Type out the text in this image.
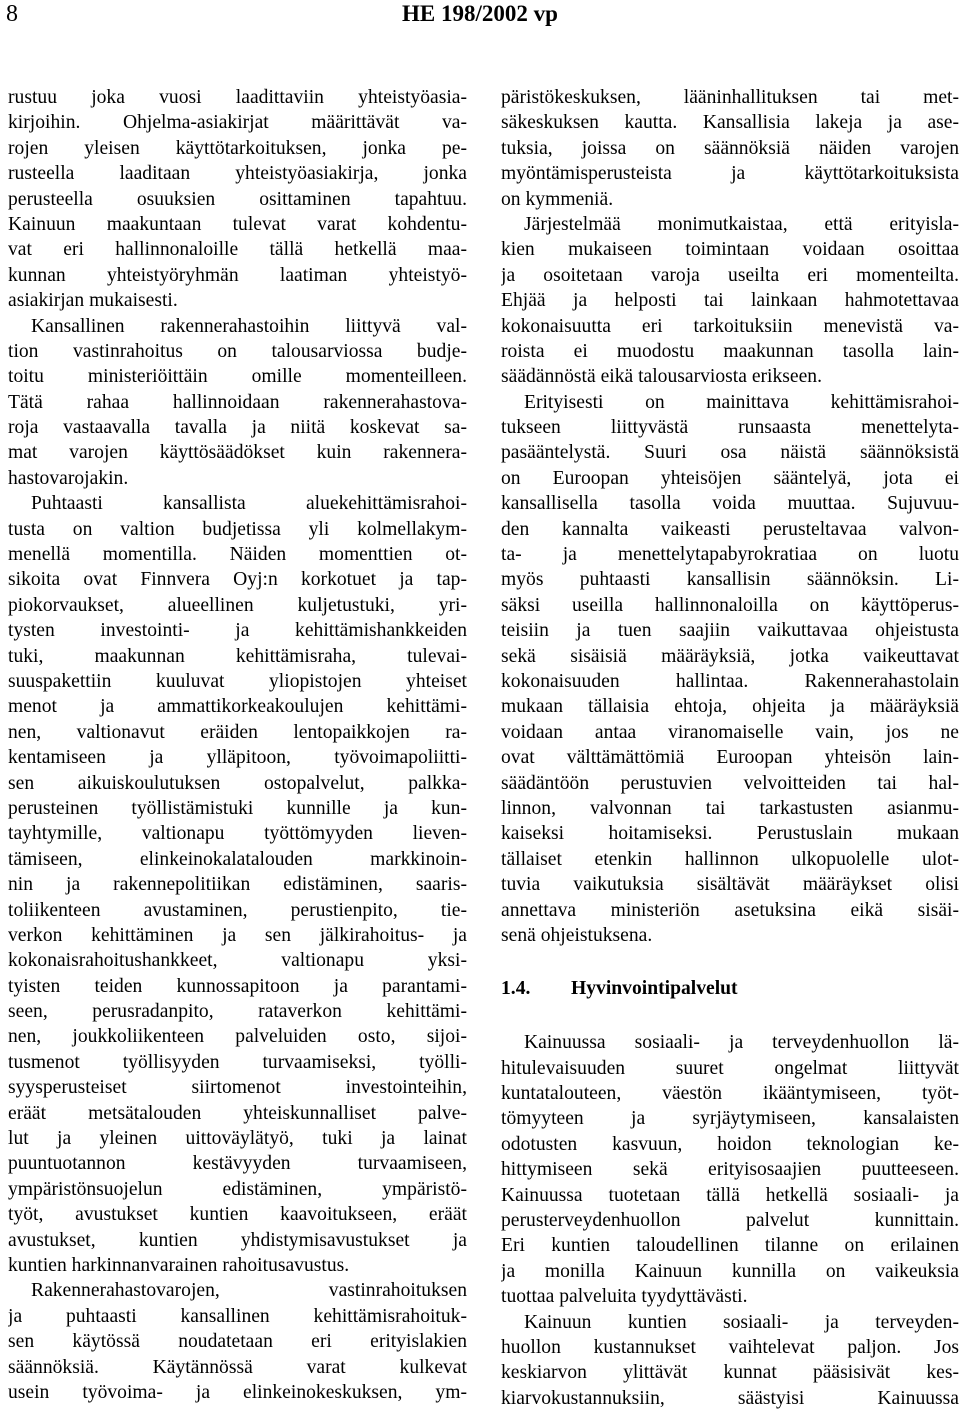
8	HE 198/2002 vp
rustuu joka vuosi laadittaviin yhteistyöasia-
kirjoihin. Ohjelma-asiakirjat määrittävät va-
rojen yleisen käyttötarkoituksen, jonka pe-
rusteella laaditaan yhteistyöasiakirja, jonka
perusteella osuuksien osittaminen tapahtuu.
Kainuun maakuntaan tulevat varat kohdentu-
vat eri hallinnonaloille tällä hetkellä maa-
kunnan yhteistyöryhmän laatiman yhteistyö-
asiakirjan mukaisesti.
Kansallinen rakennerahastoihin liittyvä val-
tion vastinrahoitus on talousarviossa budje-
toitu ministeriöittäin omille momenteilleen.
Tätä rahaa hallinnoidaan rakennerahastova-
roja vastaavalla tavalla ja niitä koskevat sa-
mat varojen käyttösäädökset kuin rakennera-
hastovarojakin.
Puhtaasti kansallista aluekehittämisrahoi-
tusta on valtion budjetissa yli kolmellakym-
menellä momentilla. Näiden momenttien ot-
sikoita ovat Finnvera Oyj:n korkotuet ja tap-
piokorvaukset, alueellinen kuljetustuki, yri-
tysten investointi- ja kehittämishankkeiden
tuki, maakunnan kehittämisraha, tulevai-
suuspakettiin kuuluvat yliopistojen yhteiset
menot ja ammattikorkeakoulujen kehittämi-
nen, valtionavut eräiden lentopaikkojen ra-
kentamiseen ja ylläpitoon, työvoimapoliitti-
sen aikuiskoulutuksen ostopalvelut, palkka-
perusteinen työllistämistuki kunnille ja kun-
tayhtymille, valtionapu työttömyyden lieven-
tämiseen, elinkeinokalatalouden markkinoin-
nin ja rakennepolitiikan edistäminen, saaris-
toliikenteen avustaminen, perustienpito, tie-
verkon kehittäminen ja sen jälkirahoitus- ja
kokonaisrahoitushankkeet, valtionapu yksi-
tyisten teiden kunnossapitoon ja parantami-
seen, perusradanpito, rataverkon kehittämi-
nen, joukkoliikenteen palveluiden osto, sijoi-
tusmenot työllisyyden turvaamiseksi, työlli-
syysperusteiset siirtomenot investointeihin,
eräät metsätalouden yhteiskunnalliset palve-
lut ja yleinen uittoväylätyö, tuki ja lainat
puuntuotannon kestävyyden turvaamiseen,
ympäristönsuojelun edistäminen, ympäristö-
työt, avustukset kuntien kaavoitukseen, eräät
avustukset, kuntien yhdistymisavustukset ja
kuntien harkinnanvarainen rahoitusavustus.
Rakennerahastovarojen, vastinrahoituksen
ja puhtaasti kansallinen kehittämisrahoituk-
sen käytössä noudatetaan eri erityislakien
säännöksiä. Käytännössä varat kulkevat
usein työvoima- ja elinkeinokeskuksen, ym-
päristökeskuksen, lääninhallituksen tai met-
säkeskuksen kautta. Kansallisia lakeja ja ase-
tuksia, joissa on säännöksiä näiden varojen
myöntämisperusteista ja käyttötarkoituksista
on kymmeniä.
Järjestelmää monimutkaistaa, että erityisla-
kien mukaiseen toimintaan voidaan osoittaa
ja osoitetaan varoja useilta eri momenteilta.
Ehjää ja helposti tai lainkaan hahmotettavaa
kokonaisuutta eri tarkoituksiin menevistä va-
roista ei muodostu maakunnan tasolla lain-
säädännöstä eikä talousarviosta erikseen.
Erityisesti on mainittava kehittämisrahoi-
tukseen liittyvästä runsaasta menettelyta-
pasääntelystä. Suuri osa näistä säännöksistä
on Euroopan yhteisöjen sääntelyä, jota ei
kansallisella tasolla voida muuttaa. Sujuvuu-
den kannalta vaikeasti perusteltavaa valvon-
ta- ja menettelytapabyrokratiaa on luotu
myös puhtaasti kansallisin säännöksin. Li-
säksi useilla hallinnonaloilla on käyttöperus-
teisiin ja tuen saajiin vaikuttavaa ohjeistusta
sekä sisäisiä määräyksiä, jotka vaikeuttavat
kokonaisuuden hallintaa. Rakennerahastolain
mukaan tällaisia ehtoja, ohjeita ja määräyksiä
voidaan antaa viranomaiselle vain, jos ne
ovat välttämättömiä Euroopan yhteisön lain-
säädäntöön perustuvien velvoitteiden tai hal-
linnon, valvonnan tai tarkastusten asianmu-
kaiseksi hoitamiseksi. Perustuslain mukaan
tällaiset etenkin hallinnon ulkopuolelle ulot-
tuvia vaikutuksia sisältävät määräykset olisi
annettava ministeriön asetuksina eikä sisäi-
senä ohjeistuksena.
1.4. Hyvinvointipalvelut
Kainuussa sosiaali- ja terveydenhuollon lä-
hitulevaisuuden suuret ongelmat liittyvät
kuntatalouteen, väestön ikääntymiseen, työt-
tömyyteen ja syrjäytymiseen, kansalaisten
odotusten kasvuun, hoidon teknologian ke-
hittymiseen sekä erityisosaajien puutteeseen.
Kainuussa tuotetaan tällä hetkellä sosiaali- ja
perusterveydenhuollon palvelut kunnittain.
Eri kuntien taloudellinen tilanne on erilainen
ja monilla Kainuun kunnilla on vaikeuksia
tuottaa palveluita tyydyttävästi.
Kainuun kuntien sosiaali- ja terveyden-
huollon kustannukset vaihtelevat paljon. Jos
keskiarvon ylittävät kunnat pääsisivät kes-
kiarvokustannuksiin, säästyisi Kainuussa
